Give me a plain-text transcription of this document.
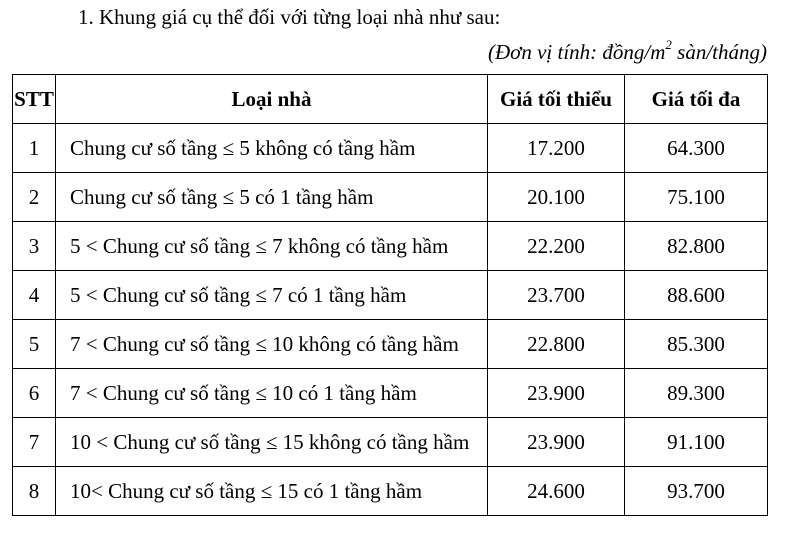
1. Khung giá cụ thể đối với từng loại nhà như sau:
(Đơn vị tính: đồng/$m^2$ sàn/tháng)
STT	Loại nhà	Giá tối thiểu	Giá tối đa
1	Chung cư số tầng ≤ 5 không có tầng hầm	17.200	64.300
2	Chung cư số tầng ≤ 5 có 1 tầng hầm	20.100	75.100
3	5 < Chung cư số tầng ≤ 7 không có tầng hầm	22.200	82.800
4	5 < Chung cư số tầng ≤ 7 có 1 tầng hầm	23.700	88.600
5	7 < Chung cư số tầng ≤ 10 không có tầng hầm	22.800	85.300
6	7 < Chung cư số tầng ≤ 10 có 1 tầng hầm	23.900	89.300
7	10 < Chung cư số tầng ≤ 15 không có tầng hầm	23.900	91.100
8	10< Chung cư số tầng ≤ 15 có 1 tầng hầm	24.600	93.700
